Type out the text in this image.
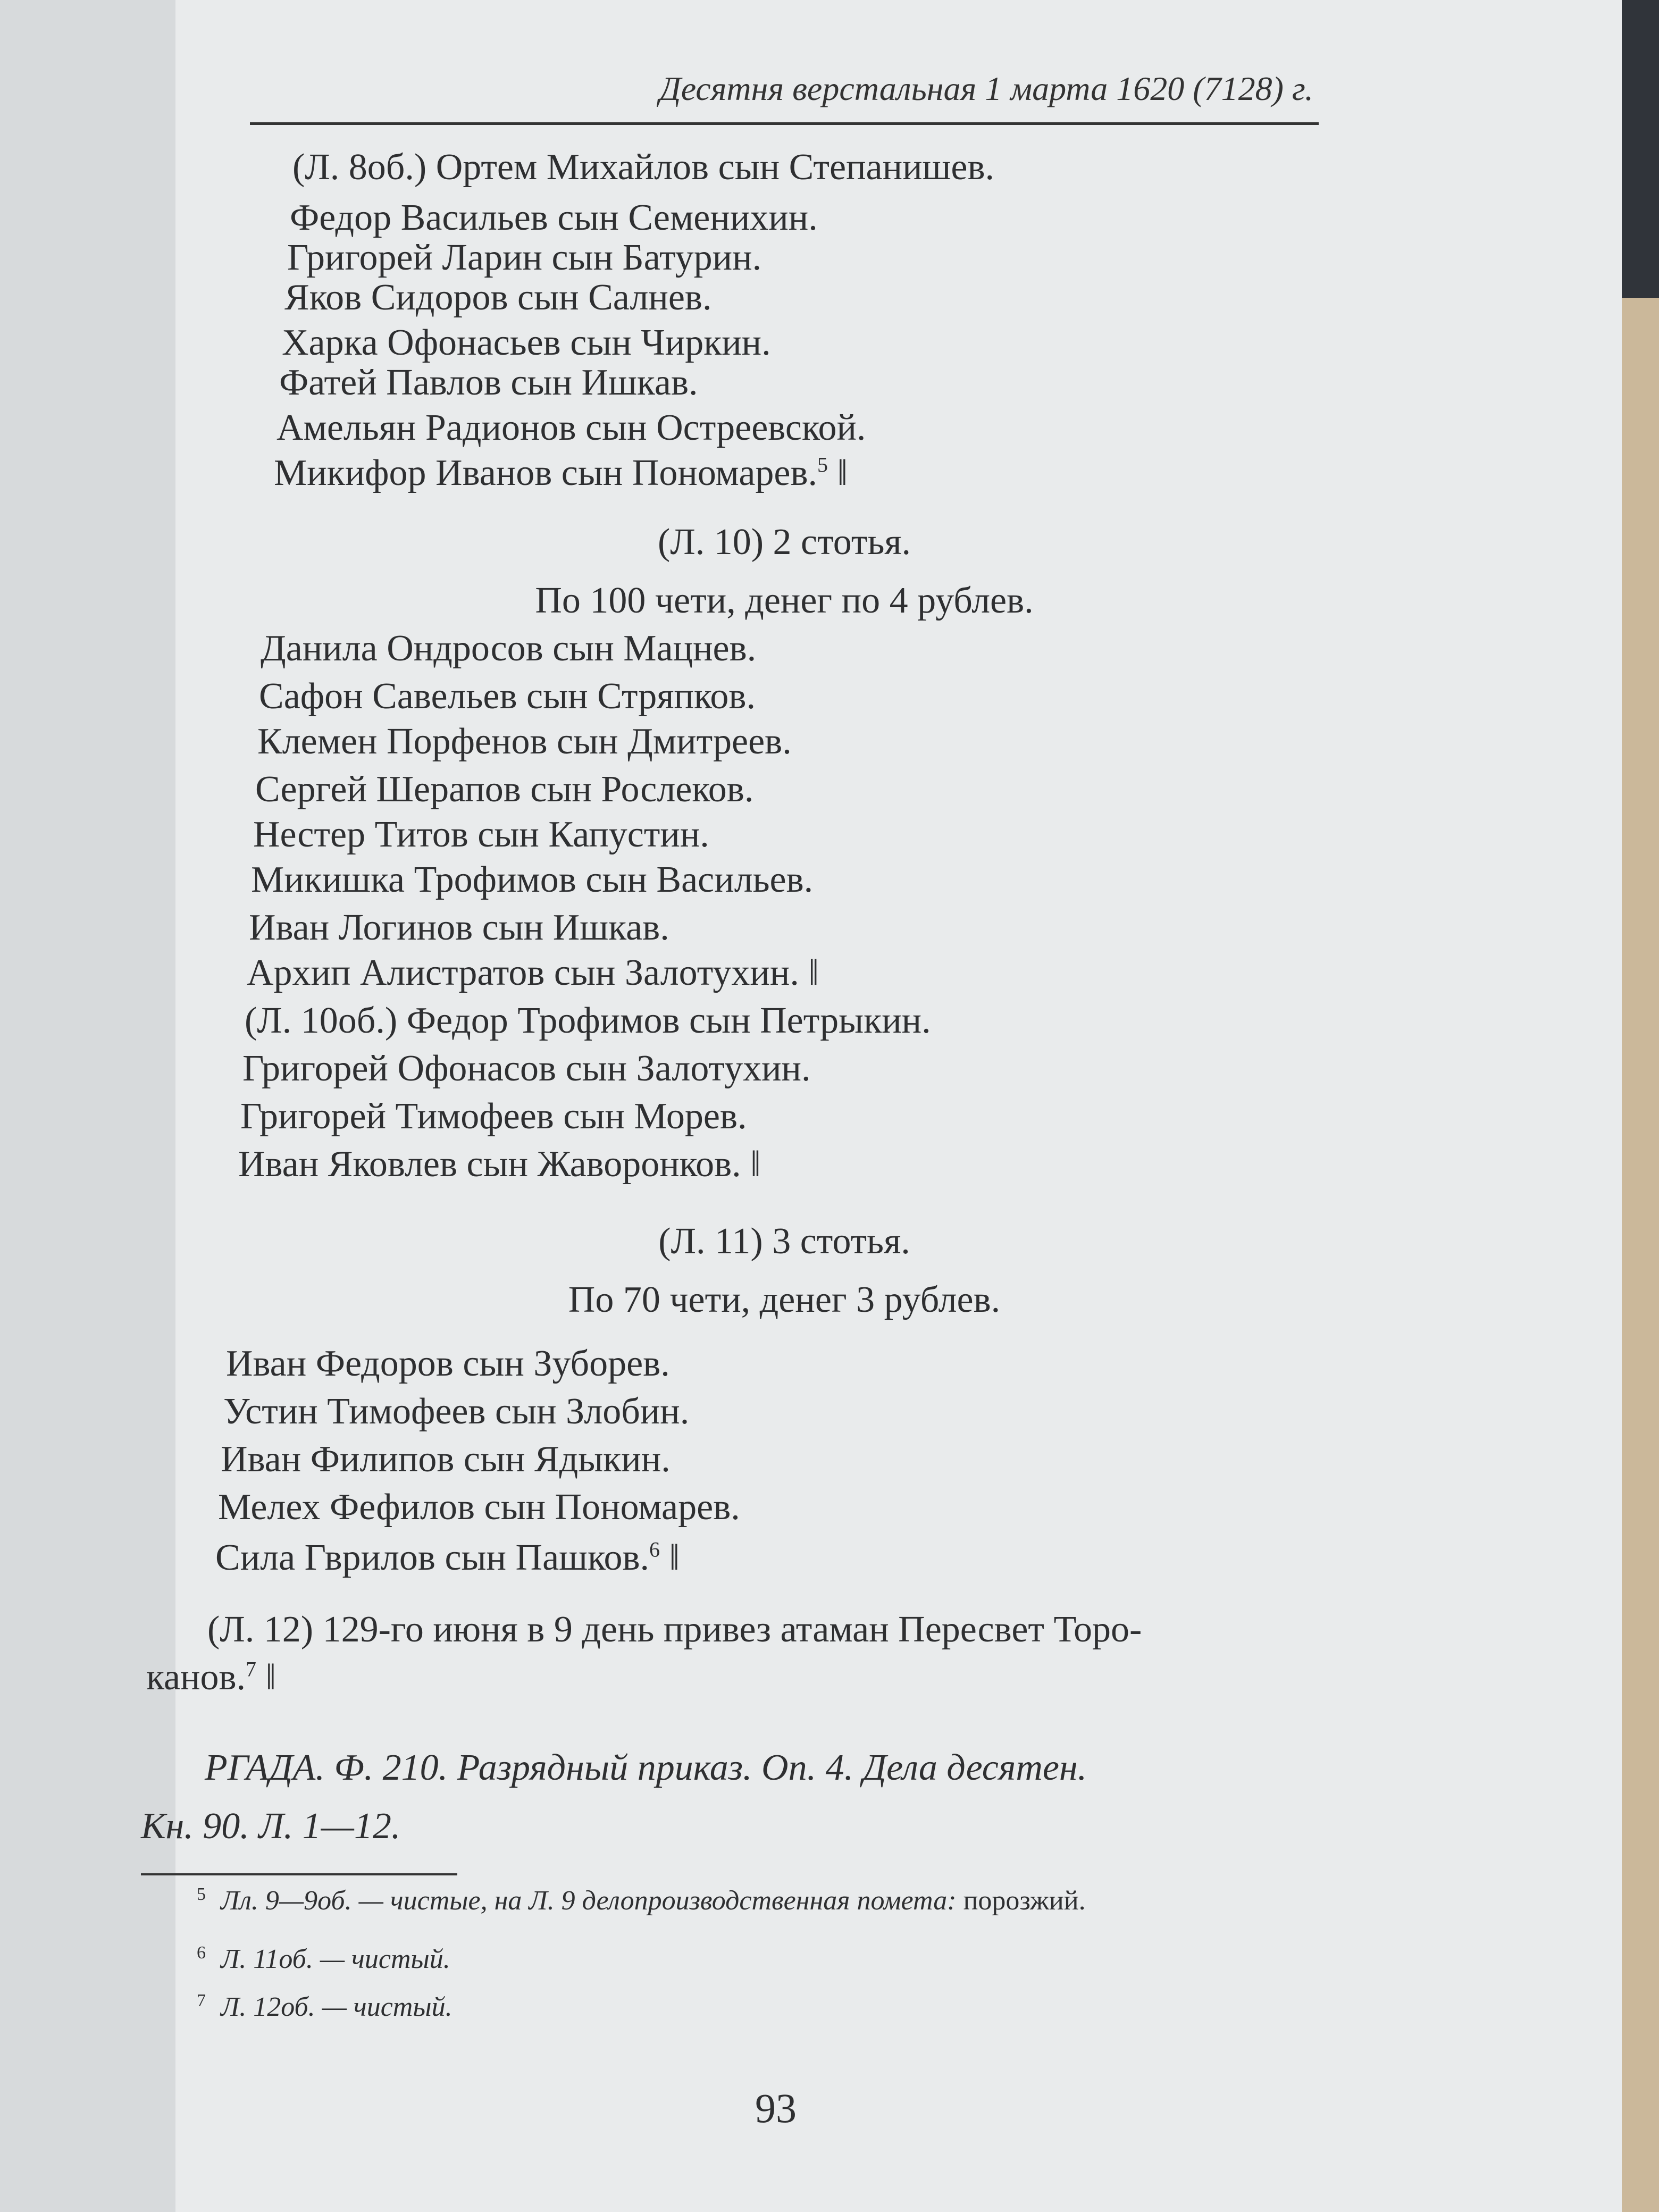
Десятня верстальная 1 марта 1620 (7128) г.
(Л. 8об.) Ортем Михайлов сын Степанишев.
Федор Васильев сын Семенихин.
Григорей Ларин сын Батурин.
Яков Сидоров сын Салнев.
Харка Офонасьев сын Чиркин.
Фатей Павлов сын Ишкав.
Амельян Радионов сын Остреевской.
Микифор Иванов сын Пономарев.$^5$ ‖
(Л. 10) 2 стотья.
По 100 чети, денег по 4 рублев.
Данила Ондросов сын Мацнев.
Сафон Савельев сын Стряпков.
Клемен Порфенов сын Дмитреев.
Сергей Шерапов сын Рослеков.
Нестер Титов сын Капустин.
Микишка Трофимов сын Васильев.
Иван Логинов сын Ишкав.
Архип Алистратов сын Залотухин. ‖
(Л. 10об.) Федор Трофимов сын Петрыкин.
Григорей Офонасов сын Залотухин.
Григорей Тимофеев сын Морев.
Иван Яковлев сын Жаворонков. ‖
(Л. 11) 3 стотья.
По 70 чети, денег 3 рублев.
Иван Федоров сын Зуборев.
Устин Тимофеев сын Злобин.
Иван Филипов сын Ядыкин.
Мелех Фефилов сын Пономарев.
Сила Гврилов сын Пашков.$^6$ ‖
(Л. 12) 129-го июня в 9 день привез атаман Пересвет Торо-
канов.$^7$ ‖
РГАДА. Ф. 210. Разрядный приказ. Оп. 4. Дела десятен.
Кн. 90. Л. 1—12.
$^5$ Лл. 9—9об. — чистые, на Л. 9 делопроизводственная помета: порозжий.
$^6$ Л. 11об. — чистый.
$^7$ Л. 12об. — чистый.
93
